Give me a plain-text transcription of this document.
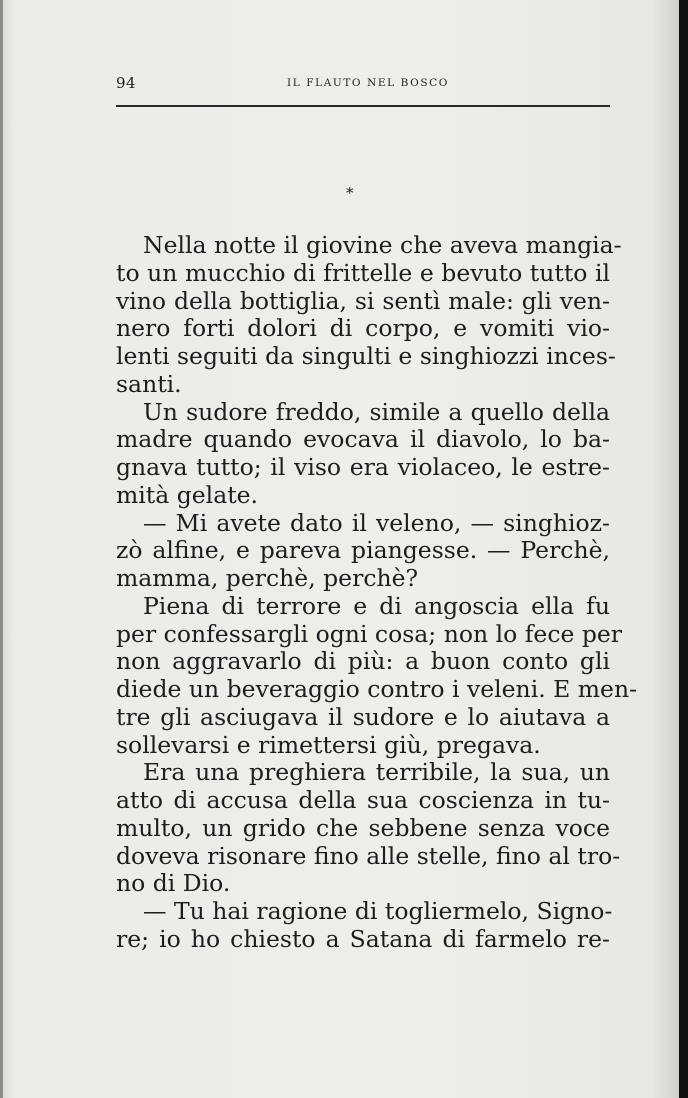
94	IL FLAUTO NEL BOSCO
*
Nella notte il giovine che aveva mangia-
to un mucchio di frittelle e bevuto tutto il
vino della bottiglia, si sentì male: gli ven-
nero forti dolori di corpo, e vomiti vio-
lenti seguiti da singulti e singhiozzi inces-
santi.
Un sudore freddo, simile a quello della
madre quando evocava il diavolo, lo ba-
gnava tutto; il viso era violaceo, le estre-
mità gelate.
— Mi avete dato il veleno, — singhioz-
zò alfine, e pareva piangesse. — Perchè,
mamma, perchè, perchè?
Piena di terrore e di angoscia ella fu
per confessargli ogni cosa; non lo fece per
non aggravarlo di più: a buon conto gli
diede un beveraggio contro i veleni. E men-
tre gli asciugava il sudore e lo aiutava a
sollevarsi e rimettersi giù, pregava.
Era una preghiera terribile, la sua, un
atto di accusa della sua coscienza in tu-
multo, un grido che sebbene senza voce
doveva risonare fino alle stelle, fino al tro-
no di Dio.
— Tu hai ragione di togliermelo, Signo-
re; io ho chiesto a Satana di farmelo re-
